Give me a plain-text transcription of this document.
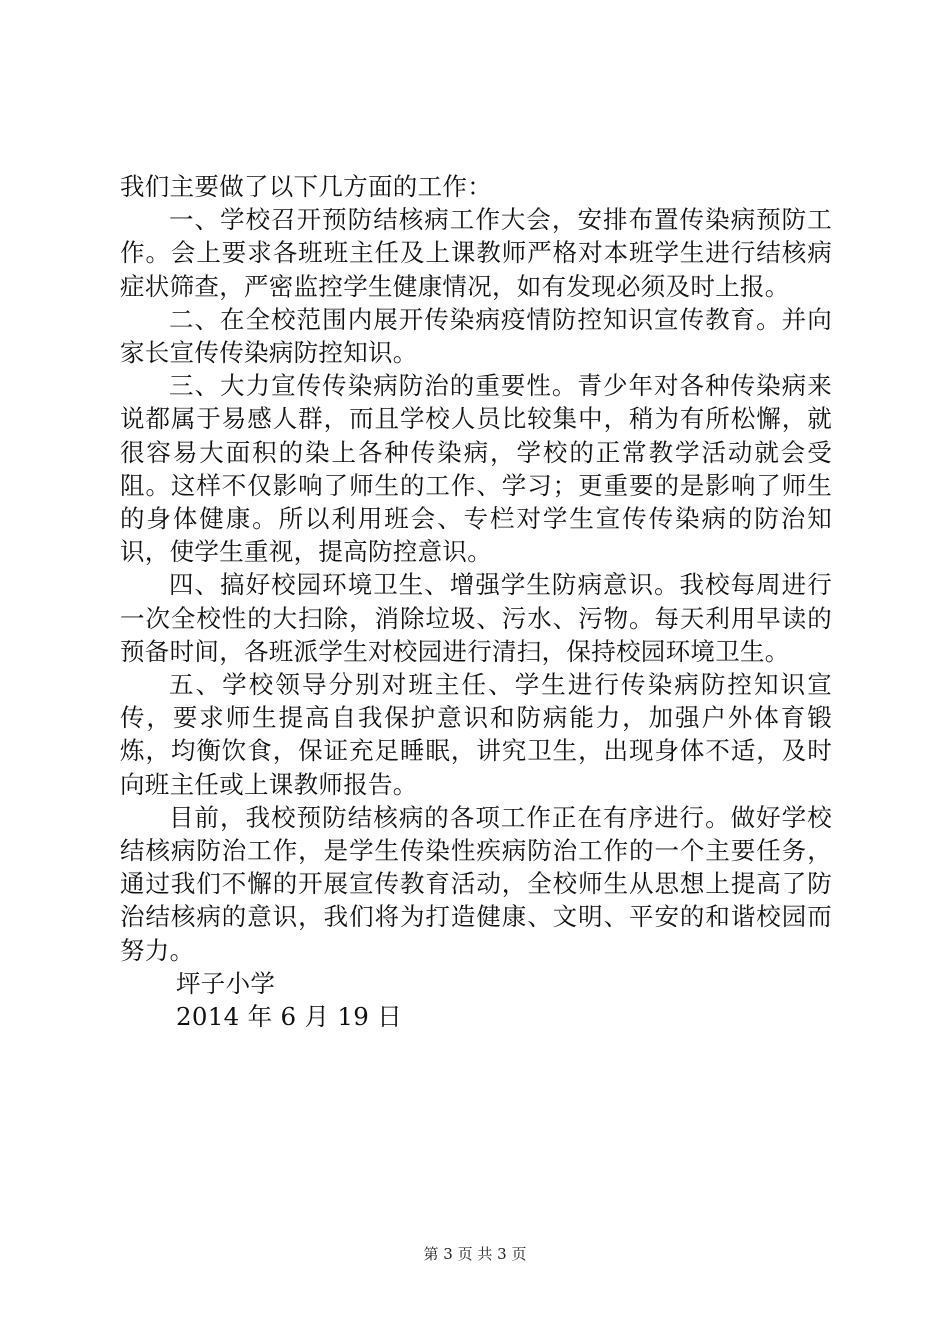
我们主要做了以下几方面的工作：

一、学校召开预防结核病工作大会，安排布置传染病预防工作。会上要求各班班主任及上课教师严格对本班学生进行结核病症状筛查，严密监控学生健康情况，如有发现必须及时上报。

二、在全校范围内展开传染病疫情防控知识宣传教育。并向家长宣传传染病防控知识。

三、大力宣传传染病防治的重要性。青少年对各种传染病来说都属于易感人群，而且学校人员比较集中，稍为有所松懈，就很容易大面积的染上各种传染病，学校的正常教学活动就会受阻。这样不仅影响了师生的工作、学习；更重要的是影响了师生的身体健康。所以利用班会、专栏对学生宣传传染病的防治知识，使学生重视，提高防控意识。

四、搞好校园环境卫生、增强学生防病意识。我校每周进行一次全校性的大扫除，消除垃圾、污水、污物。每天利用早读的预备时间，各班派学生对校园进行清扫，保持校园环境卫生。

五、学校领导分别对班主任、学生进行传染病防控知识宣传，要求师生提高自我保护意识和防病能力，加强户外体育锻炼，均衡饮食，保证充足睡眠，讲究卫生，出现身体不适，及时向班主任或上课教师报告。

目前，我校预防结核病的各项工作正在有序进行。做好学校结核病防治工作，是学生传染性疾病防治工作的一个主要任务，通过我们不懈的开展宣传教育活动，全校师生从思想上提高了防治结核病的意识，我们将为打造健康、文明、平安的和谐校园而努力。

坪子小学

2014 年 6 月 19 日

第 3 页 共 3 页
